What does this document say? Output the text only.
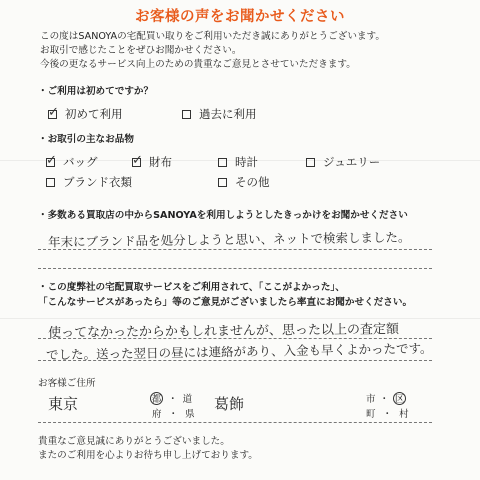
お客様の声をお聞かせください
この度はSANOYAの宅配買い取りをご利用いただき誠にありがとうございます。
お取引で感じたことをぜひお聞かせください。
今後の更なるサービス向上のための貴重なご意見とさせていただきます。
・ご利用は初めてですか？
✓ 初めて利用	過去に利用
・お取引の主なお品物
✓ バッグ	✓ 財布	時計	ジュエリー
ブランド衣類	その他
・多数ある買取店の中からSANOYAを利用しようとしたきっかけをお聞かせください
年末にブランド品を処分しようと思い、ネットで検索しました。
・この度弊社の宅配買取サービスをご利用されて、「ここがよかった」、
「こんなサービスがあったら」等のご意見がございましたら率直にお聞かせください。
使ってなかったからかもしれませんが、思った以上の査定額
でした。送った翌日の昼には連絡があり、入金も早くよかったです。
お客様ご住所
東京	都 ・ 道
府 ・ 県
葛飾	市 ・ 区
町 ・ 村
貴重なご意見誠にありがとうございました。
またのご利用を心よりお待ち申し上げております。
